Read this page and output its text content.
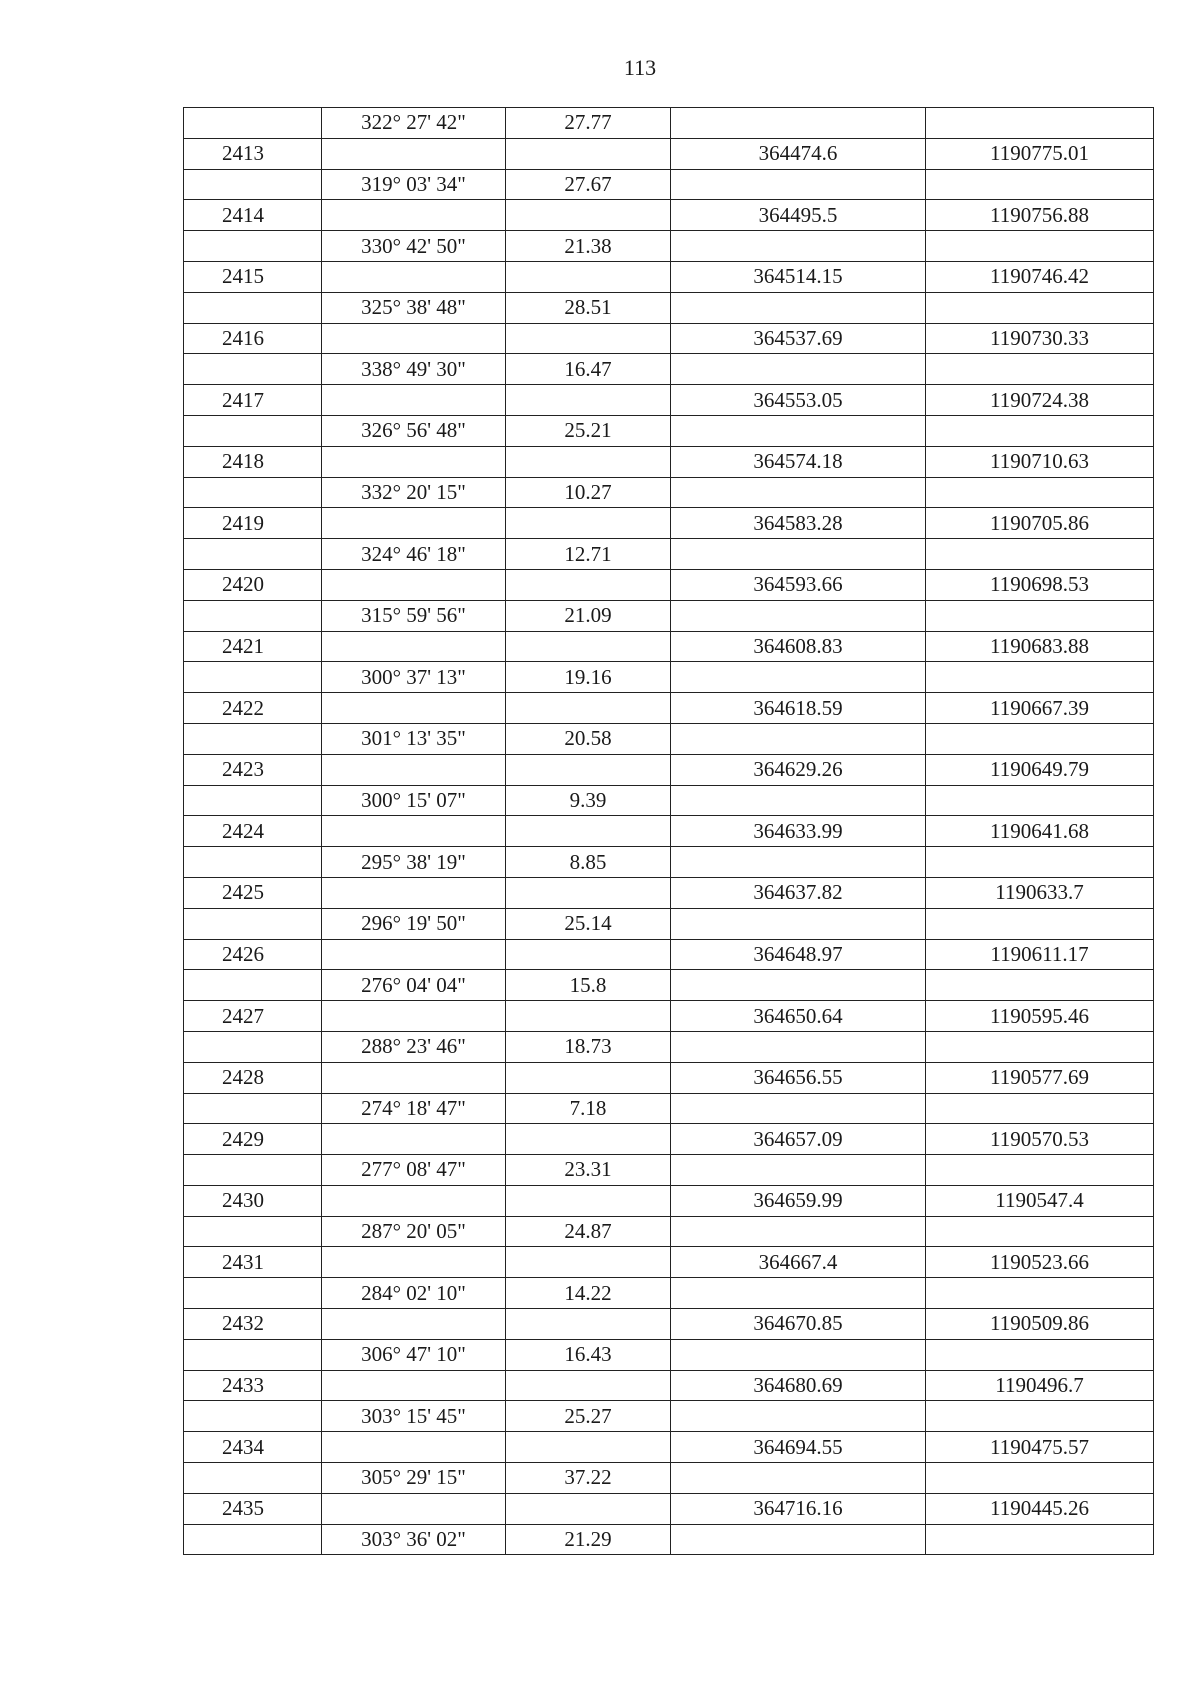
113
	322° 27' 42"	27.77		
2413			364474.6	1190775.01
	319° 03' 34"	27.67		
2414			364495.5	1190756.88
	330° 42' 50"	21.38		
2415			364514.15	1190746.42
	325° 38' 48"	28.51		
2416			364537.69	1190730.33
	338° 49' 30"	16.47		
2417			364553.05	1190724.38
	326° 56' 48"	25.21		
2418			364574.18	1190710.63
	332° 20' 15"	10.27		
2419			364583.28	1190705.86
	324° 46' 18"	12.71		
2420			364593.66	1190698.53
	315° 59' 56"	21.09		
2421			364608.83	1190683.88
	300° 37' 13"	19.16		
2422			364618.59	1190667.39
	301° 13' 35"	20.58		
2423			364629.26	1190649.79
	300° 15' 07"	9.39		
2424			364633.99	1190641.68
	295° 38' 19"	8.85		
2425			364637.82	1190633.7
	296° 19' 50"	25.14		
2426			364648.97	1190611.17
	276° 04' 04"	15.8		
2427			364650.64	1190595.46
	288° 23' 46"	18.73		
2428			364656.55	1190577.69
	274° 18' 47"	7.18		
2429			364657.09	1190570.53
	277° 08' 47"	23.31		
2430			364659.99	1190547.4
	287° 20' 05"	24.87		
2431			364667.4	1190523.66
	284° 02' 10"	14.22		
2432			364670.85	1190509.86
	306° 47' 10"	16.43		
2433			364680.69	1190496.7
	303° 15' 45"	25.27		
2434			364694.55	1190475.57
	305° 29' 15"	37.22		
2435			364716.16	1190445.26
	303° 36' 02"	21.29		
